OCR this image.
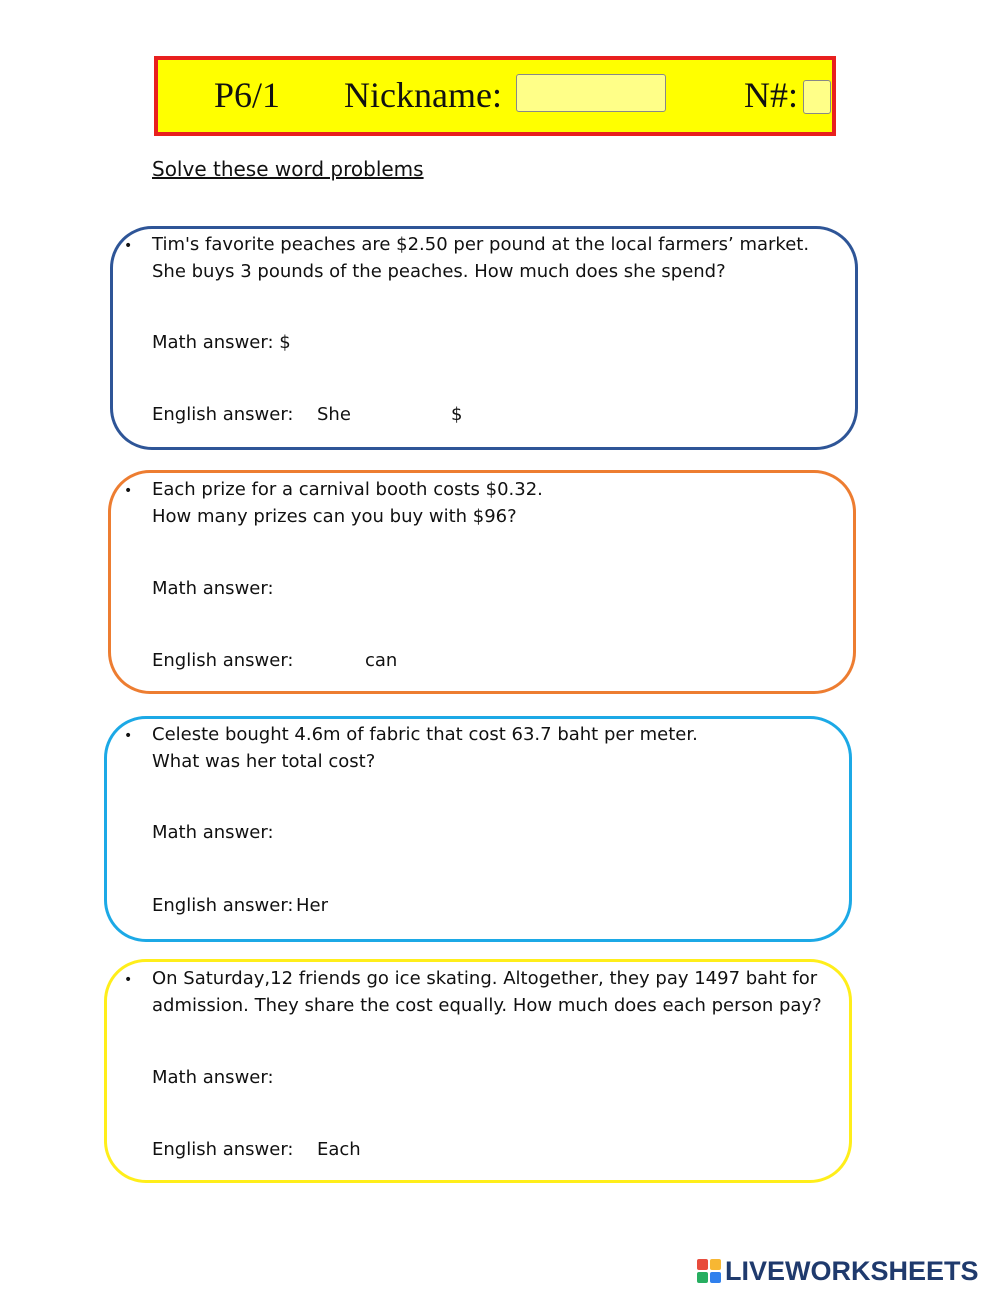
P6/1 Nickname:	N#:
Solve these word problems
• Tim's favorite peaches are $2.50 per pound at the local farmers’ market.
She buys 3 pounds of the peaches. How much does she spend?
Math answer: $
English answer: She	$
• Each prize for a carnival booth costs $0.32.
How many prizes can you buy with $96?
Math answer:
English answer:	can
• Celeste bought 4.6m of fabric that cost 63.7 baht per meter.
What was her total cost?
Math answer:
English answer: Her
• On Saturday,12 friends go ice skating. Altogether, they pay 1497 baht for
admission. They share the cost equally. How much does each person pay?
Math answer:
English answer: Each
LIVEWORKSHEETS
